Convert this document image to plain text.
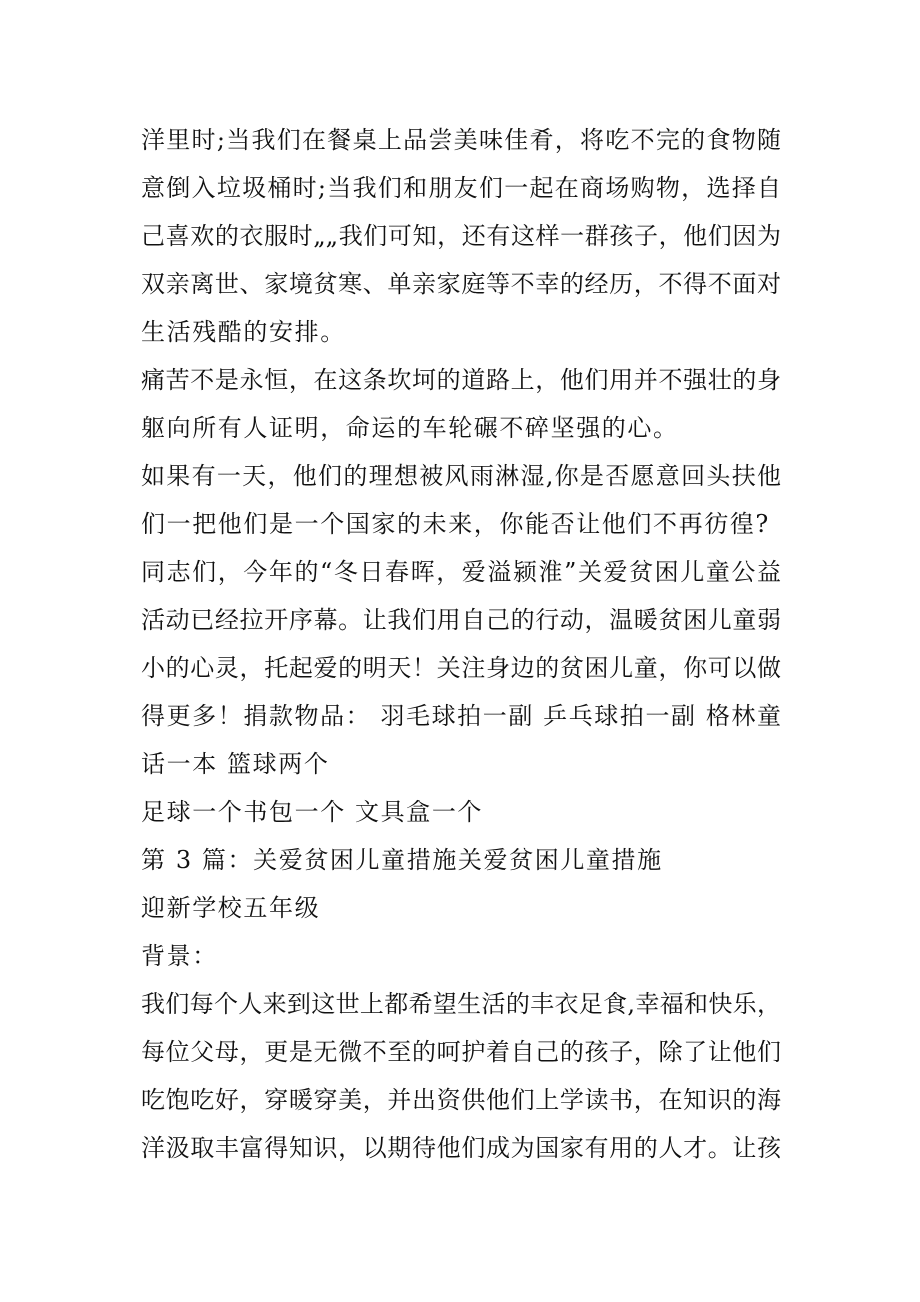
洋里时;当我们在餐桌上品尝美味佳肴，将吃不完的食物随
意倒入垃圾桶时;当我们和朋友们一起在商场购物，选择自
己喜欢的衣服时„„我们可知，还有这样一群孩子，他们因为
双亲离世、家境贫寒、单亲家庭等不幸的经历，不得不面对
生活残酷的安排。
痛苦不是永恒，在这条坎坷的道路上，他们用并不强壮的身
躯向所有人证明，命运的车轮碾不碎坚强的心。
如果有一天，他们的理想被风雨淋湿,你是否愿意回头扶他
们一把他们是一个国家的未来，你能否让他们不再彷徨?
同志们，今年的“冬日春晖，爱溢颍淮”关爱贫困儿童公益
活动已经拉开序幕。让我们用自己的行动，温暖贫困儿童弱
小的心灵，托起爱的明天！关注身边的贫困儿童，你可以做
得更多！捐款物品： 羽毛球拍一副 乒乓球拍一副 格林童
话一本 篮球两个
足球一个书包一个 文具盒一个
第 3 篇：关爱贫困儿童措施关爱贫困儿童措施
迎新学校五年级
背景：
我们每个人来到这世上都希望生活的丰衣足食,幸福和快乐，
每位父母，更是无微不至的呵护着自己的孩子，除了让他们
吃饱吃好，穿暖穿美，并出资供他们上学读书，在知识的海
洋汲取丰富得知识，以期待他们成为国家有用的人才。让孩
